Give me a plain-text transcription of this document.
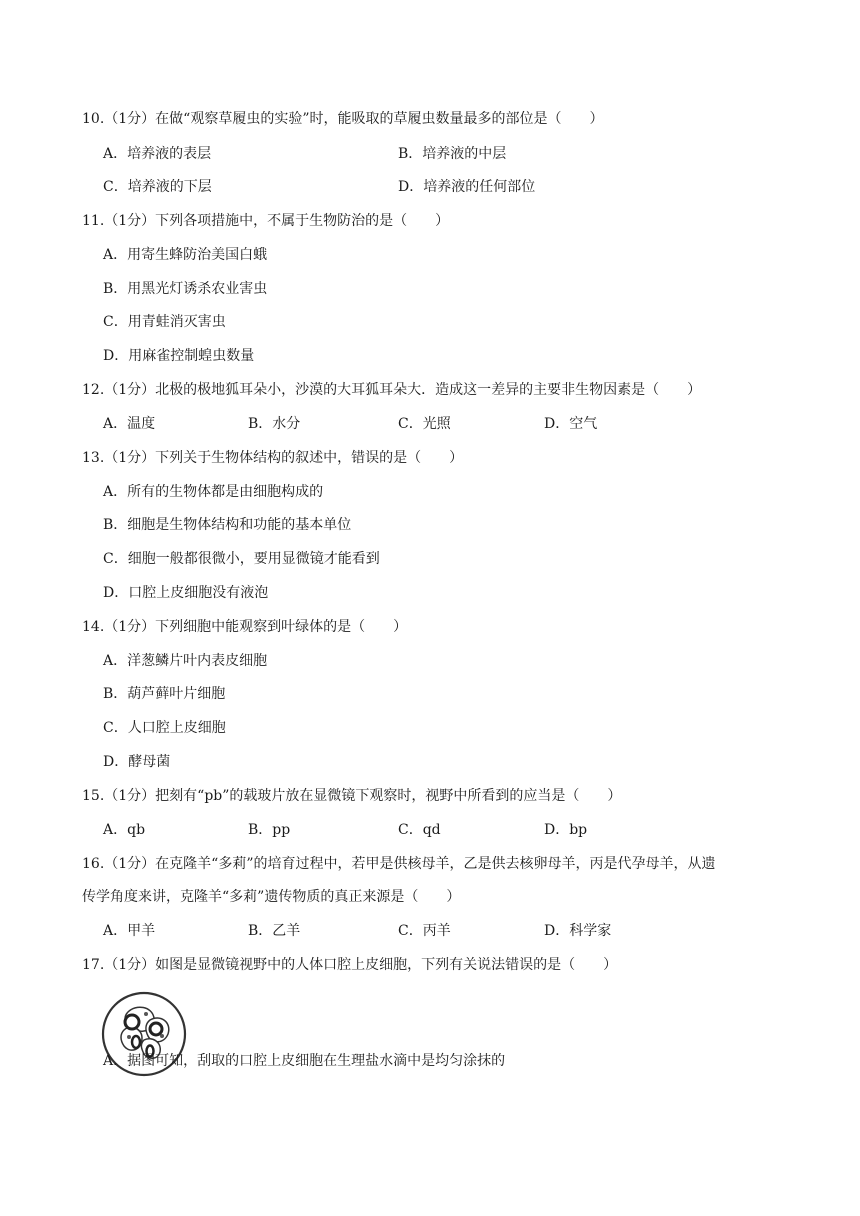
10.（1分）在做“观察草履虫的实验”时，能吸取的草履虫数量最多的部位是（　　）
A．培养液的表层	B．培养液的中层
C．培养液的下层	D．培养液的任何部位
11.（1分）下列各项措施中，不属于生物防治的是（　　）
A．用寄生蜂防治美国白蛾
B．用黑光灯诱杀农业害虫
C．用青蛙消灭害虫
D．用麻雀控制蝗虫数量
12.（1分）北极的极地狐耳朵小，沙漠的大耳狐耳朵大．造成这一差异的主要非生物因素是（　　）
A．温度	B．水分	C．光照	D．空气
13.（1分）下列关于生物体结构的叙述中，错误的是（　　）
A．所有的生物体都是由细胞构成的
B．细胞是生物体结构和功能的基本单位
C．细胞一般都很微小，要用显微镜才能看到
D．口腔上皮细胞没有液泡
14.（1分）下列细胞中能观察到叶绿体的是（　　）
A．洋葱鳞片叶内表皮细胞
B．葫芦藓叶片细胞
C．人口腔上皮细胞
D．酵母菌
15.（1分）把刻有“pb”的载玻片放在显微镜下观察时，视野中所看到的应当是（　　）
A．qb	B．pp	C．qd	D．bp
16.（1分）在克隆羊“多莉”的培育过程中，若甲是供核母羊，乙是供去核卵母羊，丙是代孕母羊，从遗
传学角度来讲，克隆羊“多莉”遗传物质的真正来源是（　　）
A．甲羊	B．乙羊	C．丙羊	D．科学家
17.（1分）如图是显微镜视野中的人体口腔上皮细胞，下列有关说法错误的是（　　）
A．据图可知，刮取的口腔上皮细胞在生理盐水滴中是均匀涂抹的
